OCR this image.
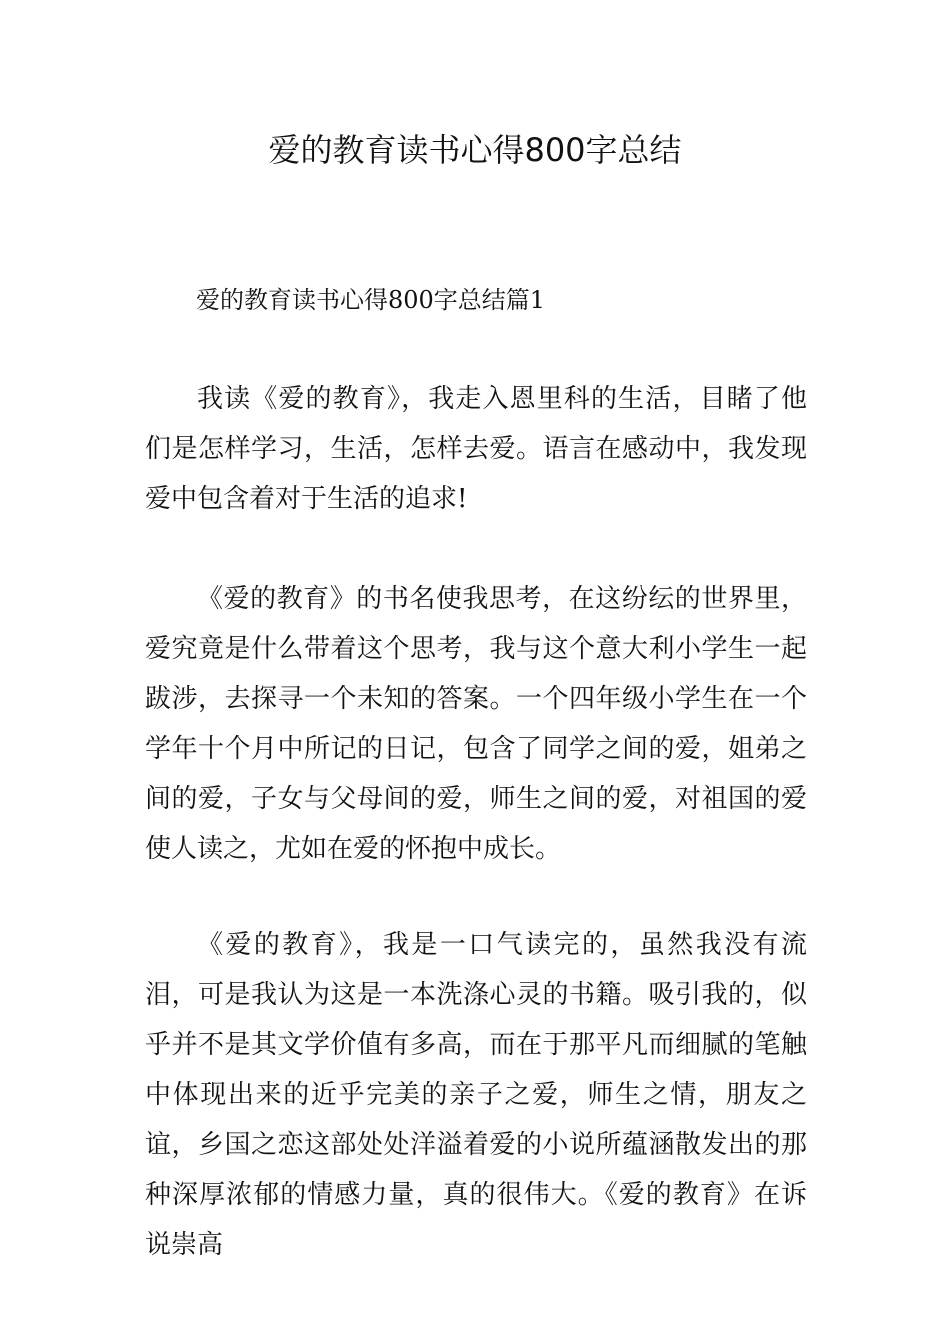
爱的教育读书心得800字总结
爱的教育读书心得800字总结篇1

我读《爱的教育》，我走入恩里科的生活，目睹了他们是怎样学习，生活，怎样去爱。语言在感动中，我发现爱中包含着对于生活的追求!

《爱的教育》的书名使我思考，在这纷纭的世界里，爱究竟是什么带着这个思考，我与这个意大利小学生一起跋涉，去探寻一个未知的答案。一个四年级小学生在一个学年十个月中所记的日记，包含了同学之间的爱，姐弟之间的爱，子女与父母间的爱，师生之间的爱，对祖国的爱使人读之，尤如在爱的怀抱中成长。

《爱的教育》，我是一口气读完的，虽然我没有流泪，可是我认为这是一本洗涤心灵的书籍。吸引我的，似乎并不是其文学价值有多高，而在于那平凡而细腻的笔触中体现出来的近乎完美的亲子之爱，师生之情，朋友之谊，乡国之恋这部处处洋溢着爱的小说所蕴涵散发出的那种深厚浓郁的情感力量，真的很伟大。《爱的教育》在诉说崇高
